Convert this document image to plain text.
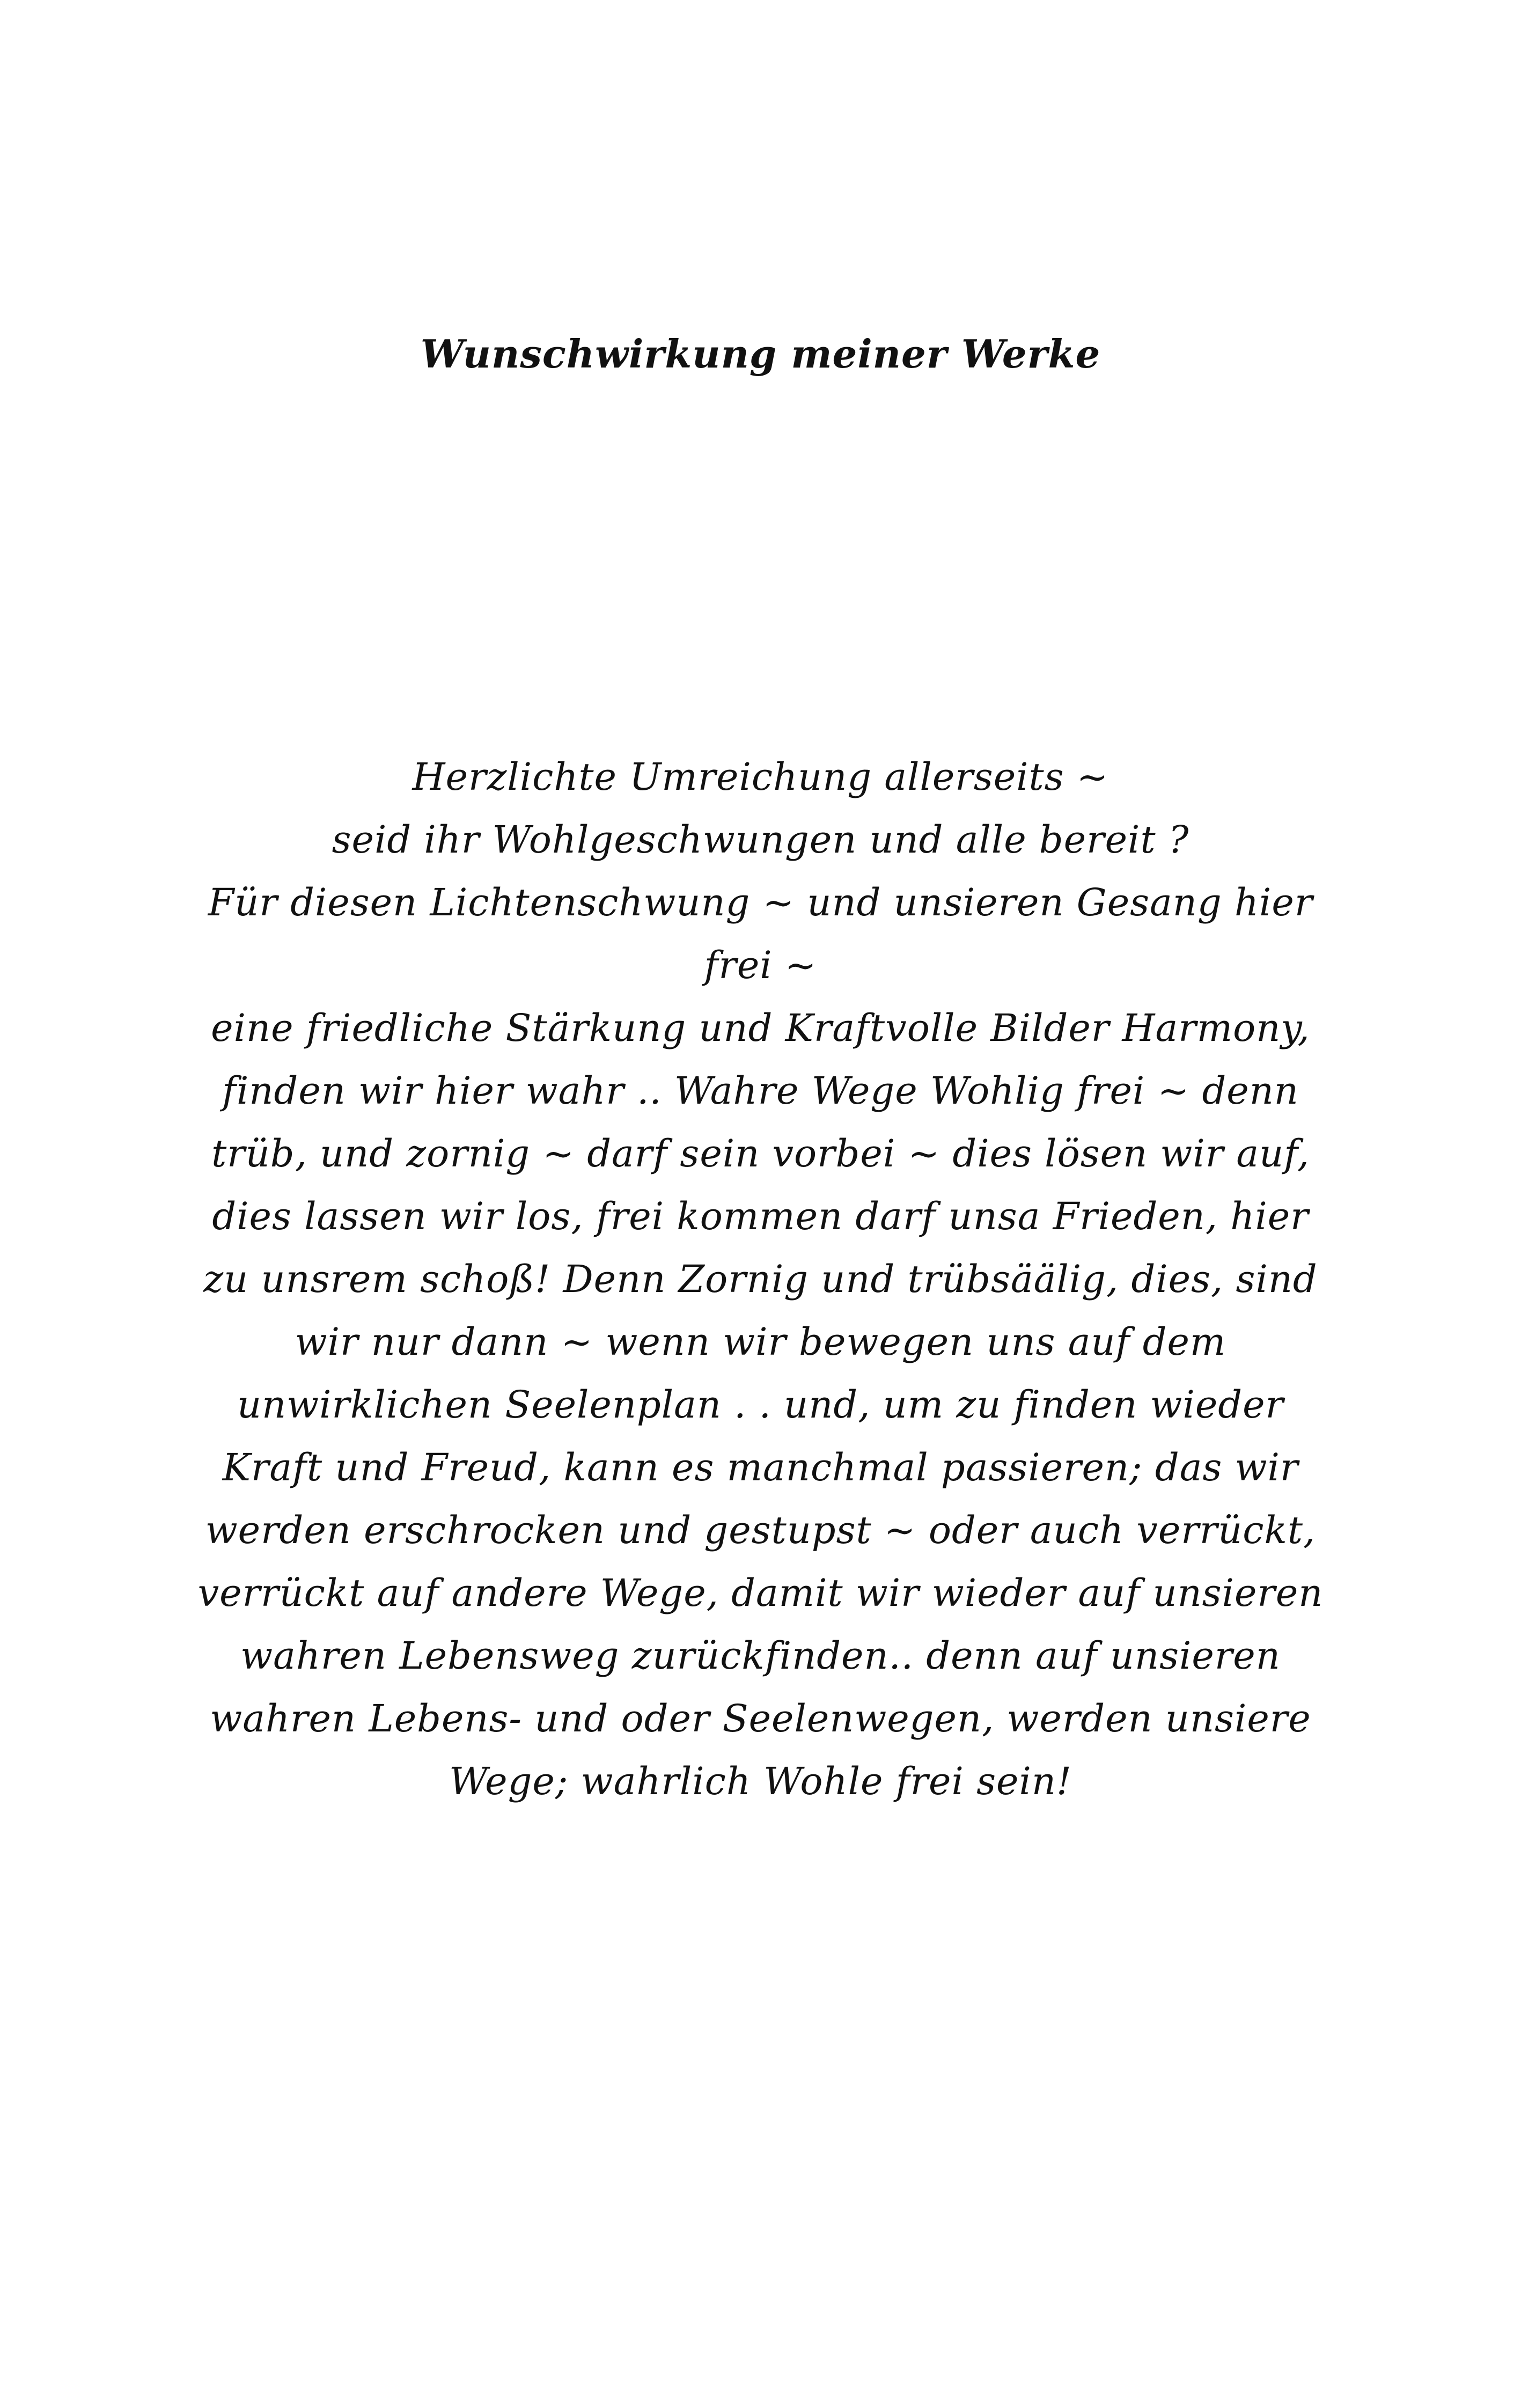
Wunschwirkung meiner Werke
Herzlichte Umreichung allerseits ~
seid ihr Wohlgeschwungen und alle bereit ?
Für diesen Lichtenschwung ~ und unsieren Gesang hier
frei ~
eine friedliche Stärkung und Kraftvolle Bilder Harmony,
finden wir hier wahr .. Wahre Wege Wohlig frei ~ denn
trüb, und zornig ~ darf sein vorbei ~ dies lösen wir auf,
dies lassen wir los, frei kommen darf unsa Frieden, hier
zu unsrem schoß! Denn Zornig und trübsäälig, dies, sind
wir nur dann ~ wenn wir bewegen uns auf dem
unwirklichen Seelenplan . . und, um zu finden wieder
Kraft und Freud, kann es manchmal passieren; das wir
werden erschrocken und gestupst ~ oder auch verrückt,
verrückt auf andere Wege, damit wir wieder auf unsieren
wahren Lebensweg zurückfinden.. denn auf unsieren
wahren Lebens- und oder Seelenwegen, werden unsiere
Wege; wahrlich Wohle frei sein!
